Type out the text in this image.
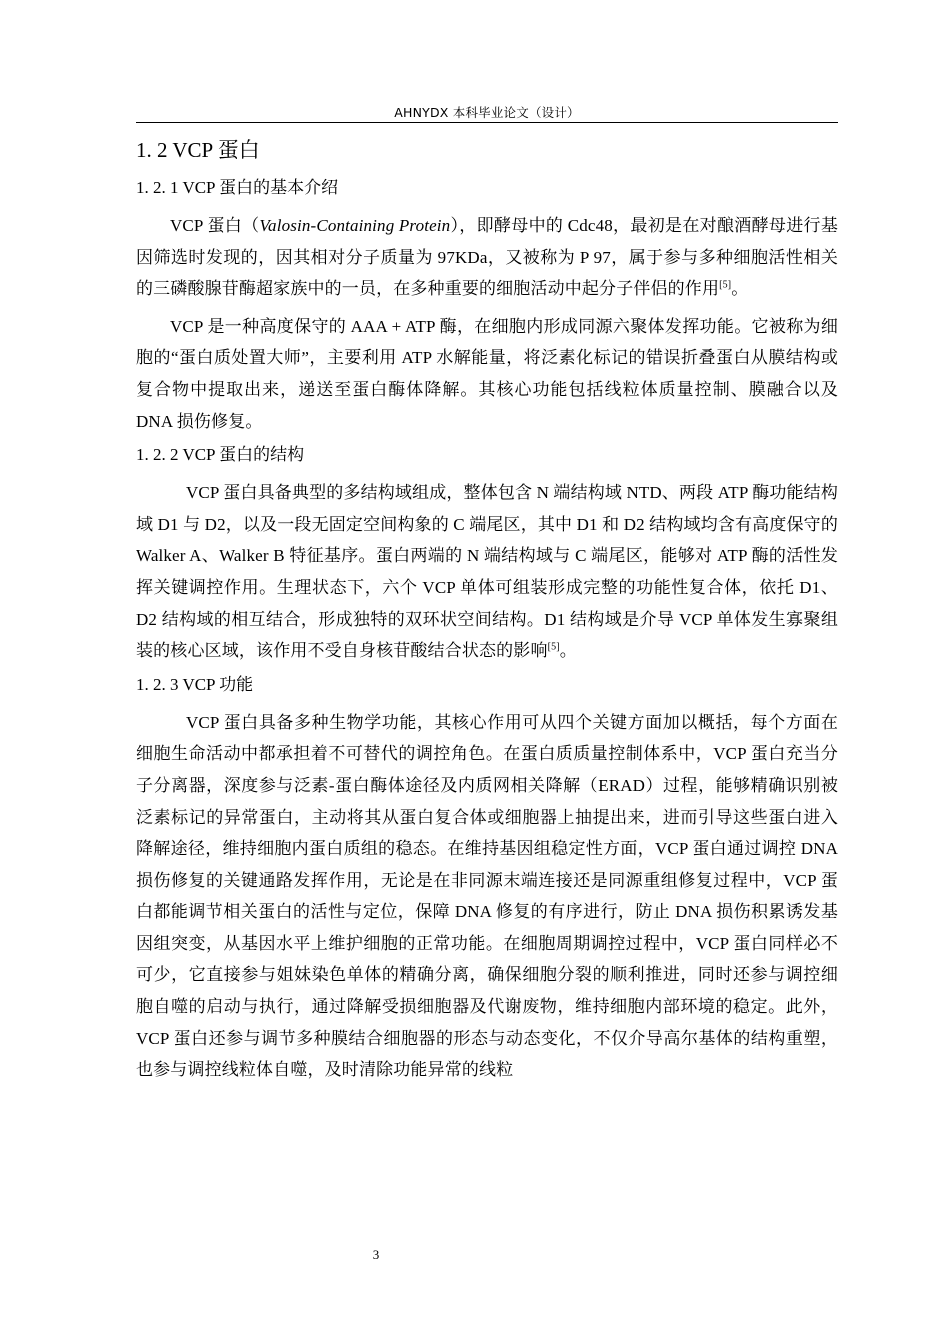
AHNYDX 本科毕业论文（设计）
1. 2 VCP 蛋白
1. 2. 1 VCP 蛋白的基本介绍

VCP 蛋白（Valosin-Containing Protein），即酵母中的 Cdc48，最初是在对酿酒酵母进行基因筛选时发现的，因其相对分子质量为 97KDa，又被称为 P 97，属于参与多种细胞活性相关的三磷酸腺苷酶超家族中的一员，在多种重要的细胞活动中起分子伴侣的作用[5]。

VCP 是一种高度保守的 AAA + ATP 酶，在细胞内形成同源六聚体发挥功能。它被称为细胞的“蛋白质处置大师”，主要利用 ATP 水解能量，将泛素化标记的错误折叠蛋白从膜结构或复合物中提取出来，递送至蛋白酶体降解。其核心功能包括线粒体质量控制、膜融合以及 DNA 损伤修复。

1. 2. 2 VCP 蛋白的结构

VCP 蛋白具备典型的多结构域组成，整体包含 N 端结构域 NTD、两段 ATP 酶功能结构域 D1 与 D2，以及一段无固定空间构象的 C 端尾区，其中 D1 和 D2 结构域均含有高度保守的 Walker A、Walker B 特征基序。蛋白两端的 N 端结构域与 C 端尾区，能够对 ATP 酶的活性发挥关键调控作用。生理状态下，六个 VCP 单体可组装形成完整的功能性复合体，依托 D1、D2 结构域的相互结合，形成独特的双环状空间结构。D1 结构域是介导 VCP 单体发生寡聚组装的核心区域，该作用不受自身核苷酸结合状态的影响[5]。

1. 2. 3 VCP 功能

VCP 蛋白具备多种生物学功能，其核心作用可从四个关键方面加以概括，每个方面在细胞生命活动中都承担着不可替代的调控角色。在蛋白质质量控制体系中，VCP 蛋白充当分子分离器，深度参与泛素-蛋白酶体途径及内质网相关降解（ERAD）过程，能够精确识别被泛素标记的异常蛋白，主动将其从蛋白复合体或细胞器上抽提出来，进而引导这些蛋白进入降解途径，维持细胞内蛋白质组的稳态。在维持基因组稳定性方面，VCP 蛋白通过调控 DNA 损伤修复的关键通路发挥作用，无论是在非同源末端连接还是同源重组修复过程中，VCP 蛋白都能调节相关蛋白的活性与定位，保障 DNA 修复的有序进行，防止 DNA 损伤积累诱发基因组突变，从基因水平上维护细胞的正常功能。在细胞周期调控过程中，VCP 蛋白同样必不可少，它直接参与姐妹染色单体的精确分离，确保细胞分裂的顺利推进，同时还参与调控细胞自噬的启动与执行，通过降解受损细胞器及代谢废物，维持细胞内部环境的稳定。此外，VCP 蛋白还参与调节多种膜结合细胞器的形态与动态变化，不仅介导高尔基体的结构重塑，也参与调控线粒体自噬，及时清除功能异常的线粒

3
